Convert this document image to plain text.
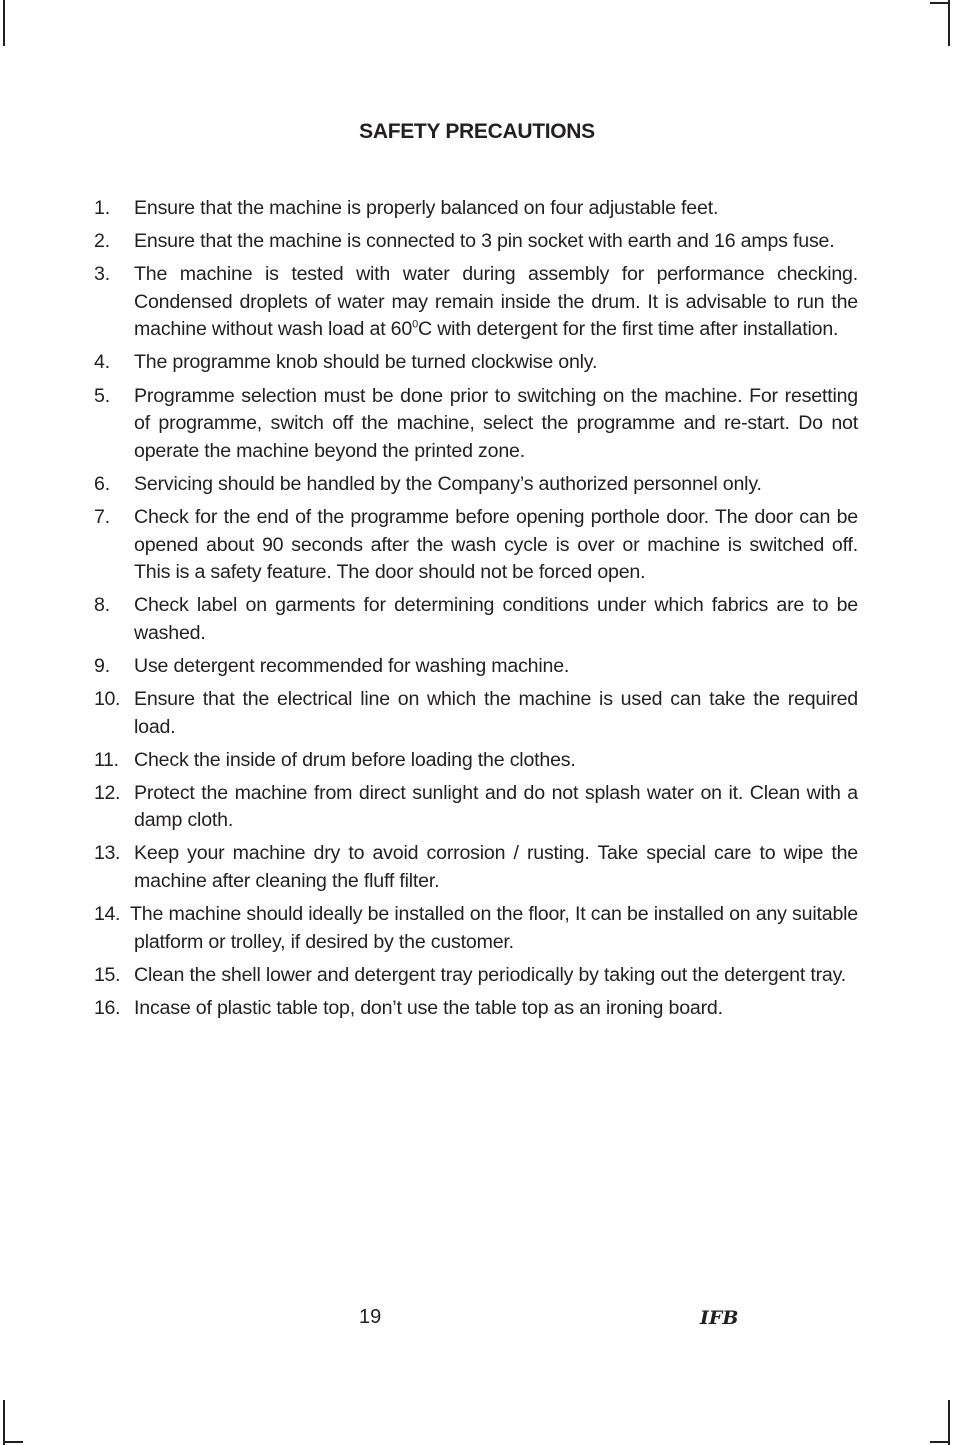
SAFETY PRECAUTIONS
1. Ensure that the machine is properly balanced on four adjustable feet.
2. Ensure that the machine is connected to 3 pin socket with earth and 16 amps fuse.
3. The machine is tested with water during assembly for performance checking. Condensed droplets of water may remain inside the drum. It is advisable to run the machine without wash load at $60^0C$ with detergent for the first time after installation.
4. The programme knob should be turned clockwise only.
5. Programme selection must be done prior to switching on the machine. For resetting of programme, switch off the machine, select the programme and re-start. Do not operate the machine beyond the printed zone.
6. Servicing should be handled by the Company’s authorized personnel only.
7. Check for the end of the programme before opening porthole door. The door can be opened about 90 seconds after the wash cycle is over or machine is switched off. This is a safety feature. The door should not be forced open.
8. Check label on garments for determining conditions under which fabrics are to be washed.
9. Use detergent recommended for washing machine.
10. Ensure that the electrical line on which the machine is used can take the required load.
11. Check the inside of drum before loading the clothes.
12. Protect the machine from direct sunlight and do not splash water on it. Clean with a damp cloth.
13. Keep your machine dry to avoid corrosion / rusting. Take special care to wipe the machine after cleaning the fluff filter.
14. The machine should ideally be installed on the floor, It can be installed on any suitable platform or trolley, if desired by the customer.
15. Clean the shell lower and detergent tray periodically by taking out the detergent tray.
16. Incase of plastic table top, don’t use the table top as an ironing board.
19	IFB
